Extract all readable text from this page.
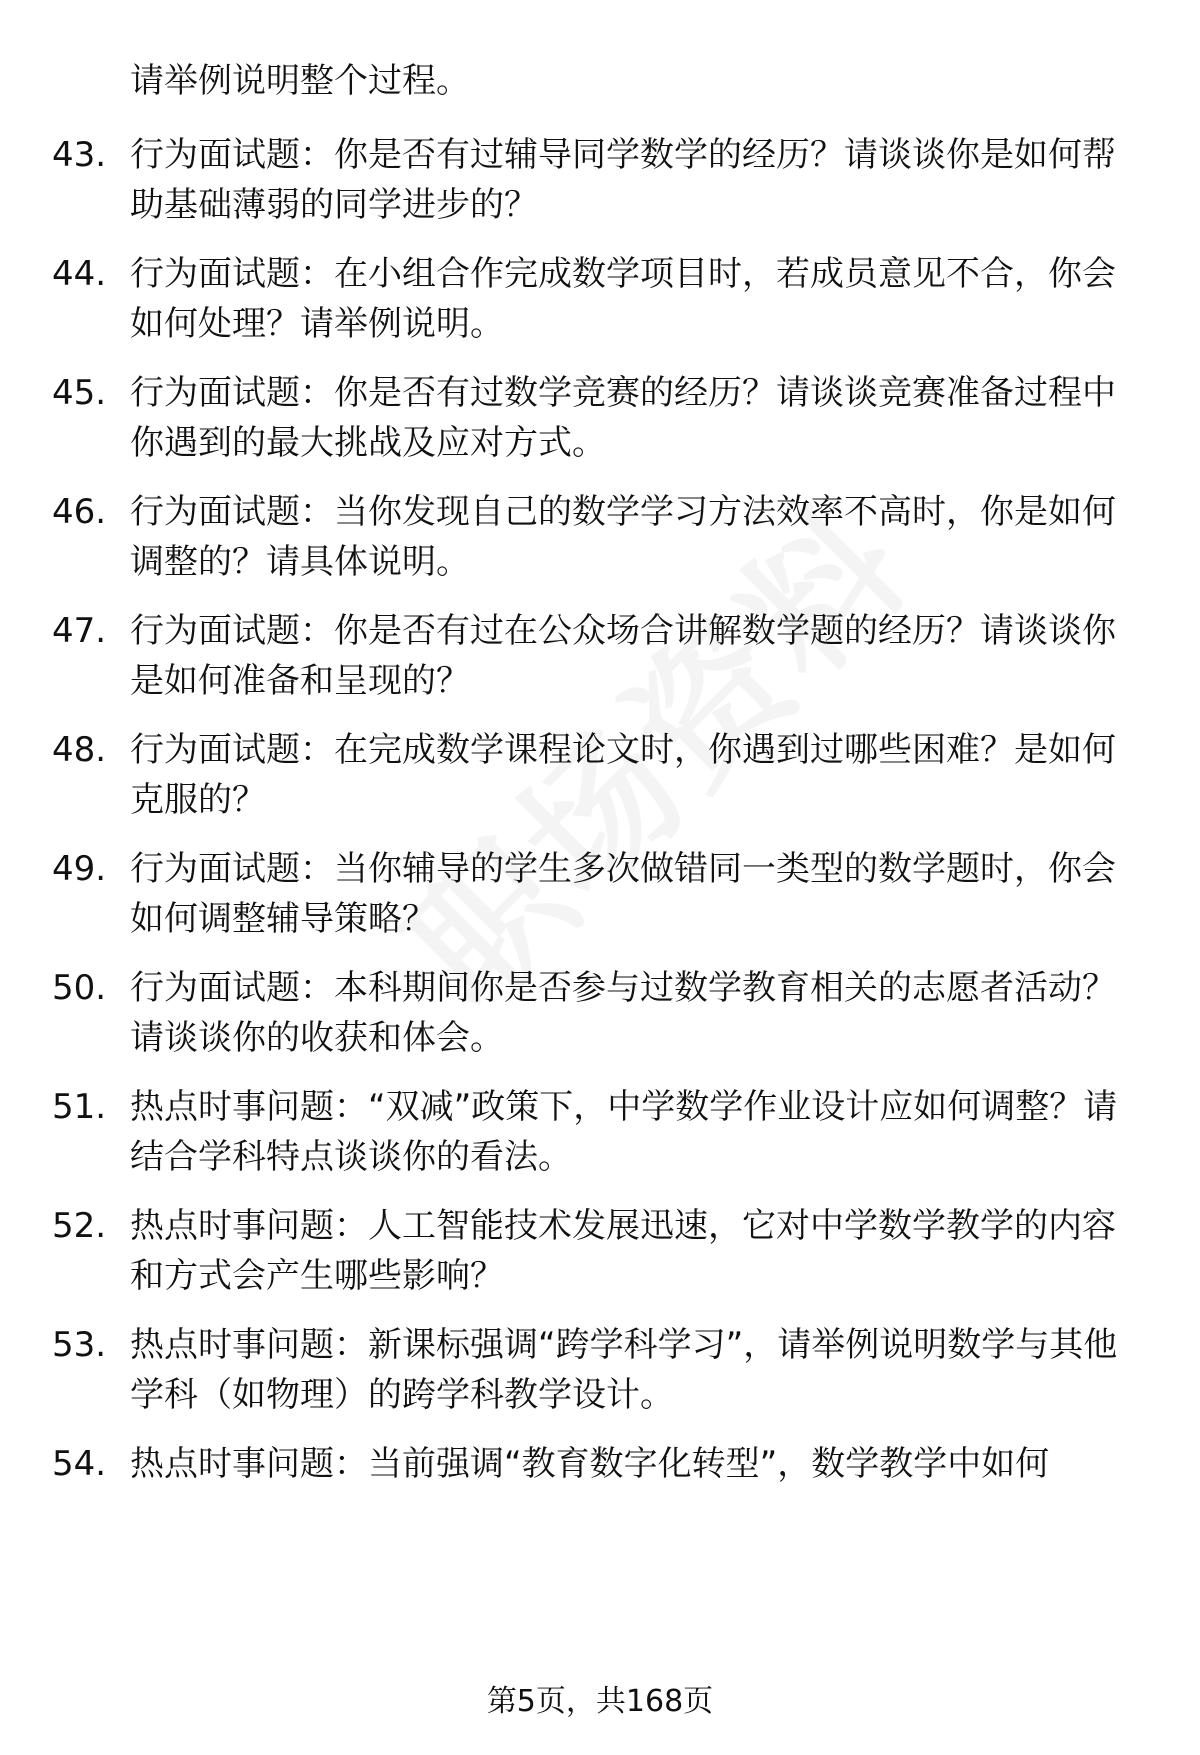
请举例说明整个过程。
43. 行为面试题：你是否有过辅导同学数学的经历？请谈谈你是如何帮助基础薄弱的同学进步的？
44. 行为面试题：在小组合作完成数学项目时，若成员意见不合，你会如何处理？请举例说明。
45. 行为面试题：你是否有过数学竞赛的经历？请谈谈竞赛准备过程中你遇到的最大挑战及应对方式。
46. 行为面试题：当你发现自己的数学学习方法效率不高时，你是如何调整的？请具体说明。
47. 行为面试题：你是否有过在公众场合讲解数学题的经历？请谈谈你是如何准备和呈现的？
48. 行为面试题：在完成数学课程论文时，你遇到过哪些困难？是如何克服的？
49. 行为面试题：当你辅导的学生多次做错同一类型的数学题时，你会如何调整辅导策略？
50. 行为面试题：本科期间你是否参与过数学教育相关的志愿者活动？请谈谈你的收获和体会。
51. 热点时事问题：“双减”政策下，中学数学作业设计应如何调整？请结合学科特点谈谈你的看法。
52. 热点时事问题：人工智能技术发展迅速，它对中学数学教学的内容和方式会产生哪些影响？
53. 热点时事问题：新课标强调“跨学科学习”，请举例说明数学与其他学科（如物理）的跨学科教学设计。
54. 热点时事问题：当前强调“教育数字化转型”，数学教学中如何
第5页，共168页
